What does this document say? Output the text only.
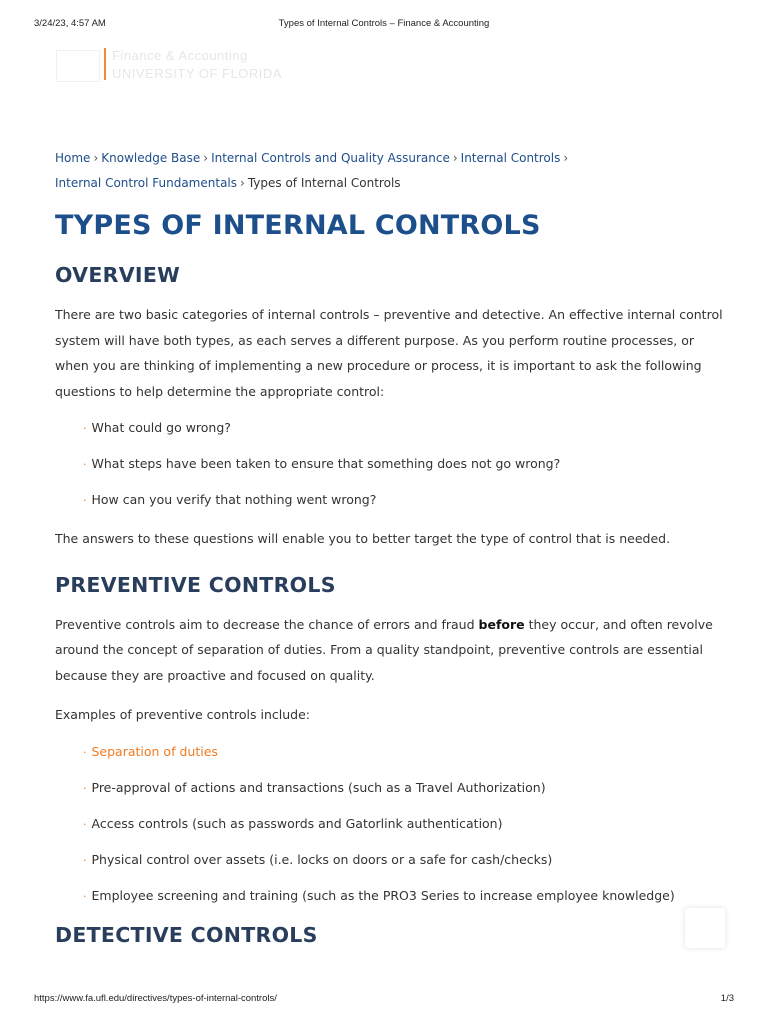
3/24/23, 4:57 AM	Types of Internal Controls – Finance & Accounting
Finance & Accounting
UNIVERSITY OF FLORIDA
Home › Knowledge Base › Internal Controls and Quality Assurance › Internal Controls ›
Internal Control Fundamentals › Types of Internal Controls
TYPES OF INTERNAL CONTROLS
OVERVIEW

There are two basic categories of internal controls – preventive and detective. An effective internal control system will have both types, as each serves a different purpose. As you perform routine processes, or when you are thinking of implementing a new procedure or process, it is important to ask the following questions to help determine the appropriate control:

· What could go wrong?
· What steps have been taken to ensure that something does not go wrong?
· How can you verify that nothing went wrong?

The answers to these questions will enable you to better target the type of control that is needed.

PREVENTIVE CONTROLS

Preventive controls aim to decrease the chance of errors and fraud before they occur, and often revolve around the concept of separation of duties. From a quality standpoint, preventive controls are essential because they are proactive and focused on quality.

Examples of preventive controls include:

· Separation of duties
· Pre-approval of actions and transactions (such as a Travel Authorization)
· Access controls (such as passwords and Gatorlink authentication)
· Physical control over assets (i.e. locks on doors or a safe for cash/checks)
· Employee screening and training (such as the PRO3 Series to increase employee knowledge)
DETECTIVE CONTROLS
https://www.fa.ufl.edu/directives/types-of-internal-controls/	1/3
